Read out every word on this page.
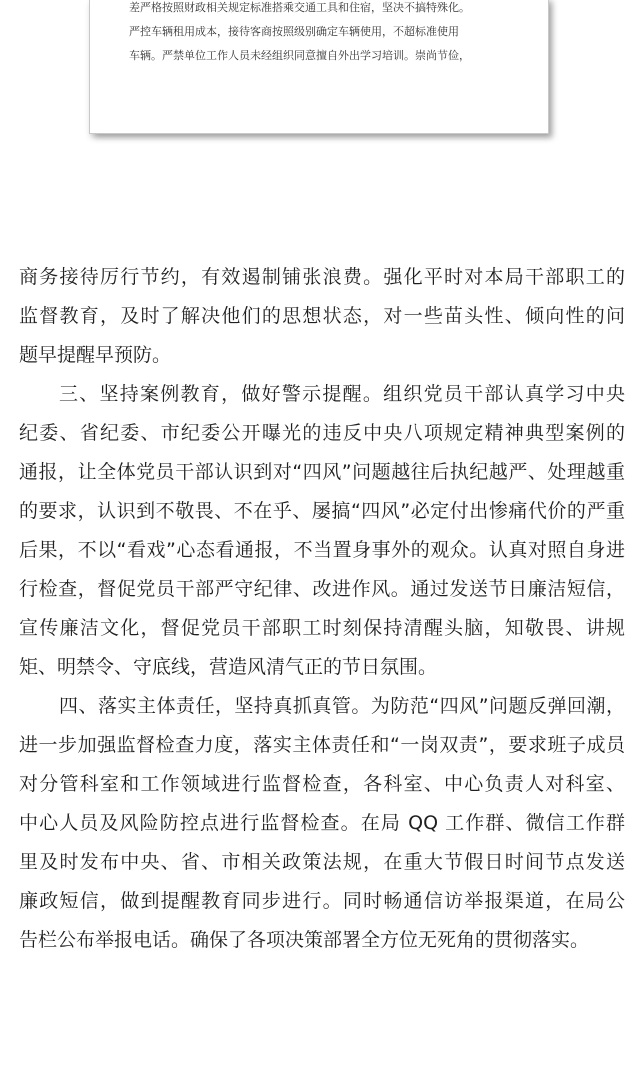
差严格按照财政相关规定标准搭乘交通工具和住宿，坚决不搞特殊化。
严控车辆租用成本，接待客商按照级别确定车辆使用，不超标准使用
车辆。严禁单位工作人员未经组织同意擅自外出学习培训。崇尚节俭，
商务接待厉行节约，有效遏制铺张浪费。强化平时对本局干部职工的
监督教育，及时了解决他们的思想状态，对一些苗头性、倾向性的问
题早提醒早预防。
三、坚持案例教育，做好警示提醒。组织党员干部认真学习中央
纪委、省纪委、市纪委公开曝光的违反中央八项规定精神典型案例的
通报，让全体党员干部认识到对“四风”问题越往后执纪越严、处理越重
的要求，认识到不敬畏、不在乎、屡搞“四风”必定付出惨痛代价的严重
后果，不以“看戏”心态看通报，不当置身事外的观众。认真对照自身进
行检查，督促党员干部严守纪律、改进作风。通过发送节日廉洁短信，
宣传廉洁文化，督促党员干部职工时刻保持清醒头脑，知敬畏、讲规
矩、明禁令、守底线，营造风清气正的节日氛围。
四、落实主体责任，坚持真抓真管。为防范“四风”问题反弹回潮，
进一步加强监督检查力度，落实主体责任和“一岗双责”，要求班子成员
对分管科室和工作领域进行监督检查，各科室、中心负责人对科室、
中心人员及风险防控点进行监督检查。在局 QQ 工作群、微信工作群
里及时发布中央、省、市相关政策法规，在重大节假日时间节点发送
廉政短信，做到提醒教育同步进行。同时畅通信访举报渠道，在局公
告栏公布举报电话。确保了各项决策部署全方位无死角的贯彻落实。
